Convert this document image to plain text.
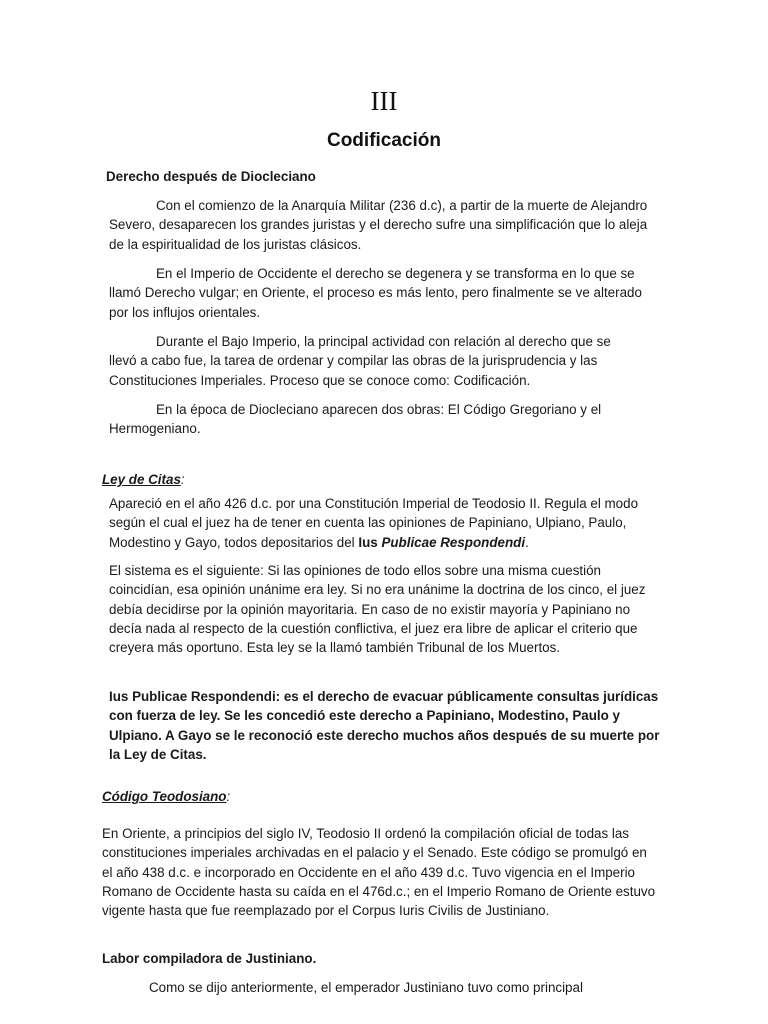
III
Codificación
Derecho después de Diocleciano

Con el comienzo de la Anarquía Militar (236 d.c), a partir de la muerte de Alejandro Severo, desaparecen los grandes juristas y el derecho sufre una simplificación que lo aleja de la espiritualidad de los juristas clásicos.

En el Imperio de Occidente el derecho se degenera y se transforma en lo que se llamó Derecho vulgar; en Oriente, el proceso es más lento, pero finalmente se ve alterado por los influjos orientales.

Durante el Bajo Imperio, la principal actividad con relación al derecho que se llevó a cabo fue, la tarea de ordenar y compilar las obras de la jurisprudencia y las Constituciones Imperiales. Proceso que se conoce como: Codificación.

En la época de Diocleciano aparecen dos obras: El Código Gregoriano y el Hermogeniano.

Ley de Citas:

Apareció en el año 426 d.c. por una Constitución Imperial de Teodosio II. Regula el modo según el cual el juez ha de tener en cuenta las opiniones de Papiniano, Ulpiano, Paulo, Modestino y Gayo, todos depositarios del Ius Publicae Respondendi.

El sistema es el siguiente: Si las opiniones de todo ellos sobre una misma cuestión coincidían, esa opinión unánime era ley. Si no era unánime la doctrina de los cinco, el juez debía decidirse por la opinión mayoritaria. En caso de no existir mayoría y Papiniano no decía nada al respecto de la cuestión conflictiva, el juez era libre de aplicar el criterio que creyera más oportuno. Esta ley se la llamó también Tribunal de los Muertos.

Ius Publicae Respondendi: es el derecho de evacuar públicamente consultas jurídicas con fuerza de ley. Se les concedió este derecho a Papiniano, Modestino, Paulo y Ulpiano. A Gayo se le reconoció este derecho muchos años después de su muerte por la Ley de Citas.

Código Teodosiano:

En Oriente, a principios del siglo IV, Teodosio II ordenó la compilación oficial de todas las constituciones imperiales archivadas en el palacio y el Senado. Este código se promulgó en el año 438 d.c. e incorporado en Occidente en el año 439 d.c. Tuvo vigencia en el Imperio Romano de Occidente hasta su caída en el 476d.c.; en el Imperio Romano de Oriente estuvo vigente hasta que fue reemplazado por el Corpus Iuris Civilis de Justiniano.

Labor compiladora de Justiniano.

Como se dijo anteriormente, el emperador Justiniano tuvo como principal
